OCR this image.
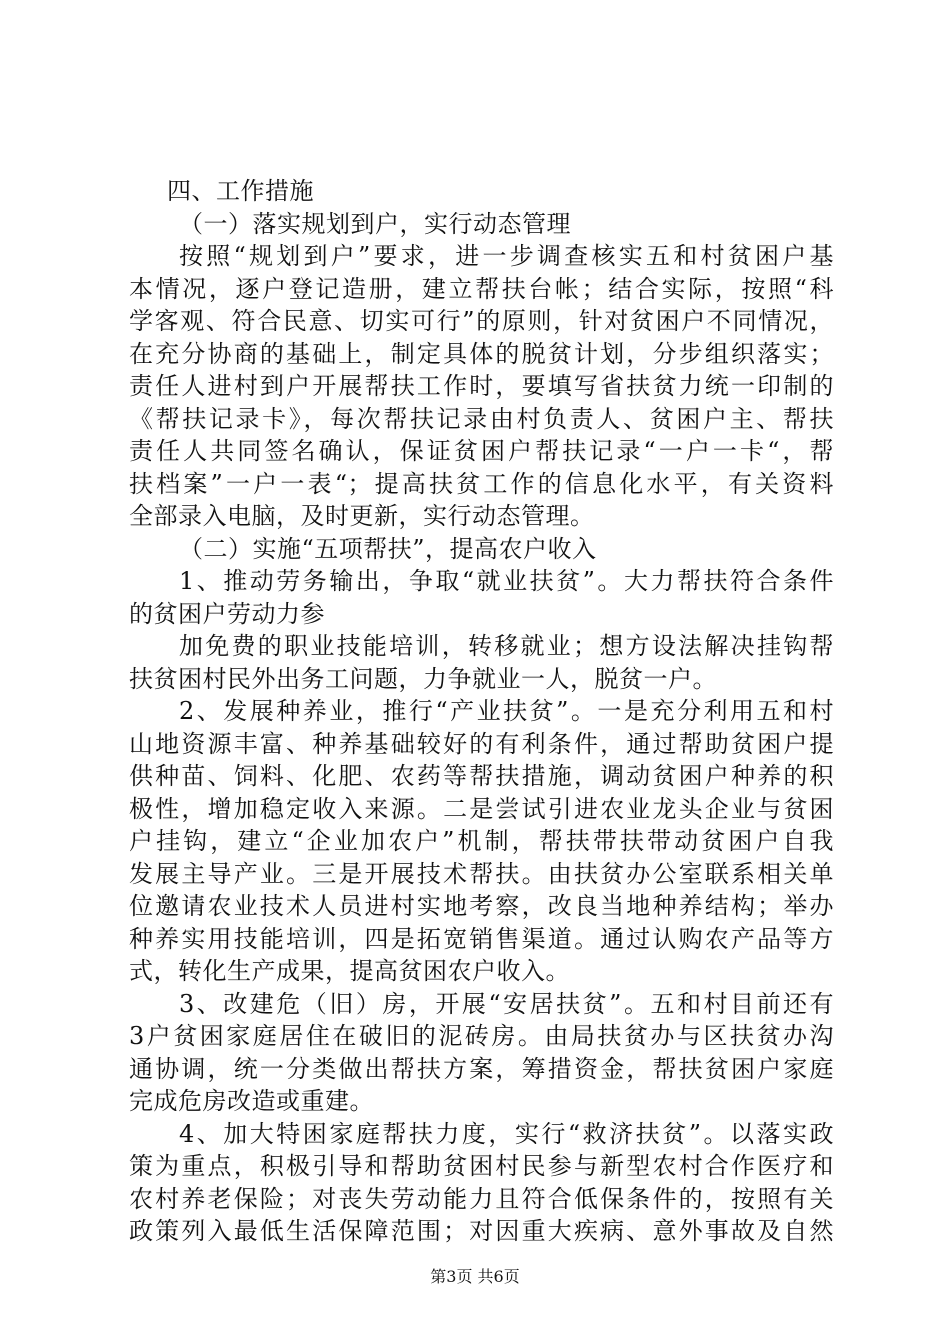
四、工作措施
（一）落实规划到户，实行动态管理
按照“规划到户”要求，进一步调查核实五和村贫困户基
本情况，逐户登记造册，建立帮扶台帐；结合实际，按照“科
学客观、符合民意、切实可行”的原则，针对贫困户不同情况，
在充分协商的基础上，制定具体的脱贫计划，分步组织落实；
责任人进村到户开展帮扶工作时，要填写省扶贫力统一印制的
《帮扶记录卡》，每次帮扶记录由村负责人、贫困户主、帮扶
责任人共同签名确认，保证贫困户帮扶记录“一户一卡“，帮
扶档案”一户一表“；提高扶贫工作的信息化水平，有关资料
全部录入电脑，及时更新，实行动态管理。
（二）实施“五项帮扶”，提高农户收入
1、推动劳务输出，争取“就业扶贫”。大力帮扶符合条件
的贫困户劳动力参
加免费的职业技能培训，转移就业；想方设法解决挂钩帮
扶贫困村民外出务工问题，力争就业一人，脱贫一户。
2、发展种养业，推行“产业扶贫”。一是充分利用五和村
山地资源丰富、种养基础较好的有利条件，通过帮助贫困户提
供种苗、饲料、化肥、农药等帮扶措施，调动贫困户种养的积
极性，增加稳定收入来源。二是尝试引进农业龙头企业与贫困
户挂钩，建立“企业加农户”机制，帮扶带扶带动贫困户自我
发展主导产业。三是开展技术帮扶。由扶贫办公室联系相关单
位邀请农业技术人员进村实地考察，改良当地种养结构；举办
种养实用技能培训，四是拓宽销售渠道。通过认购农产品等方
式，转化生产成果，提高贫困农户收入。
3、改建危（旧）房，开展“安居扶贫”。五和村目前还有
3户贫困家庭居住在破旧的泥砖房。由局扶贫办与区扶贫办沟
通协调，统一分类做出帮扶方案，筹措资金，帮扶贫困户家庭
完成危房改造或重建。
4、加大特困家庭帮扶力度，实行“救济扶贫”。以落实政
策为重点，积极引导和帮助贫困村民参与新型农村合作医疗和
农村养老保险；对丧失劳动能力且符合低保条件的，按照有关
政策列入最低生活保障范围；对因重大疾病、意外事故及自然
第3页 共6页
